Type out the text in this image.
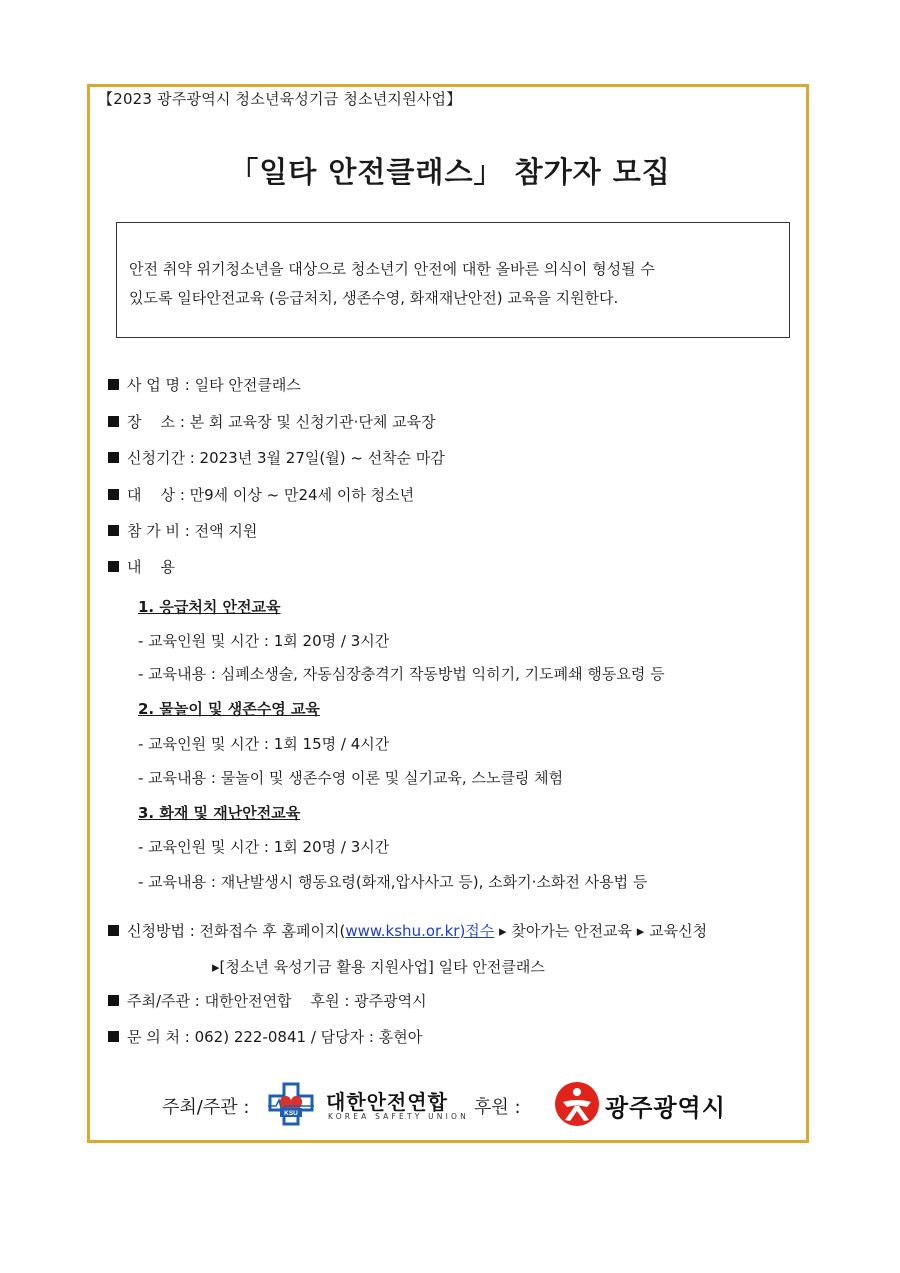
【2023 광주광역시 청소년육성기금 청소년지원사업】
「일타 안전클래스」 참가자 모집
안전 취약 위기청소년을 대상으로 청소년기 안전에 대한 올바른 의식이 형성될 수
있도록 일타안전교육 (응급처치, 생존수영, 화재재난안전) 교육을 지원한다.
사 업 명 : 일타 안전클래스
장    소 : 본 회 교육장 및 신청기관·단체 교육장
신청기간 : 2023년 3월 27일(월) ~ 선착순 마감
대    상 : 만9세 이상 ~ 만24세 이하 청소년
참 가 비 : 전액 지원
내    용
1. 응급처치 안전교육
- 교육인원 및 시간 : 1회 20명 / 3시간
- 교육내용 : 심폐소생술, 자동심장충격기 작동방법 익히기, 기도폐쇄 행동요령 등
2. 물놀이 및 생존수영 교육
- 교육인원 및 시간 : 1회 15명 / 4시간
- 교육내용 : 물놀이 및 생존수영 이론 및 실기교육, 스노클링 체험
3. 화재 및 재난안전교육
- 교육인원 및 시간 : 1회 20명 / 3시간
- 교육내용 : 재난발생시 행동요령(화재,압사사고 등), 소화기·소화전 사용법 등
신청방법 : 전화접수 후 홈페이지(www.kshu.or.kr)접수 ▸ 찾아가는 안전교육 ▸ 교육신청
▸[청소년 육성기금 활용 지원사업] 일타 안전클래스
주최/주관 : 대한안전연합    후원 : 광주광역시
문 의 처 : 062) 222-0841 / 담당자 : 홍현아
주최/주관 :	KSU 대한안전연합
KOREA SAFETY UNION 후원 :	광주광역시
